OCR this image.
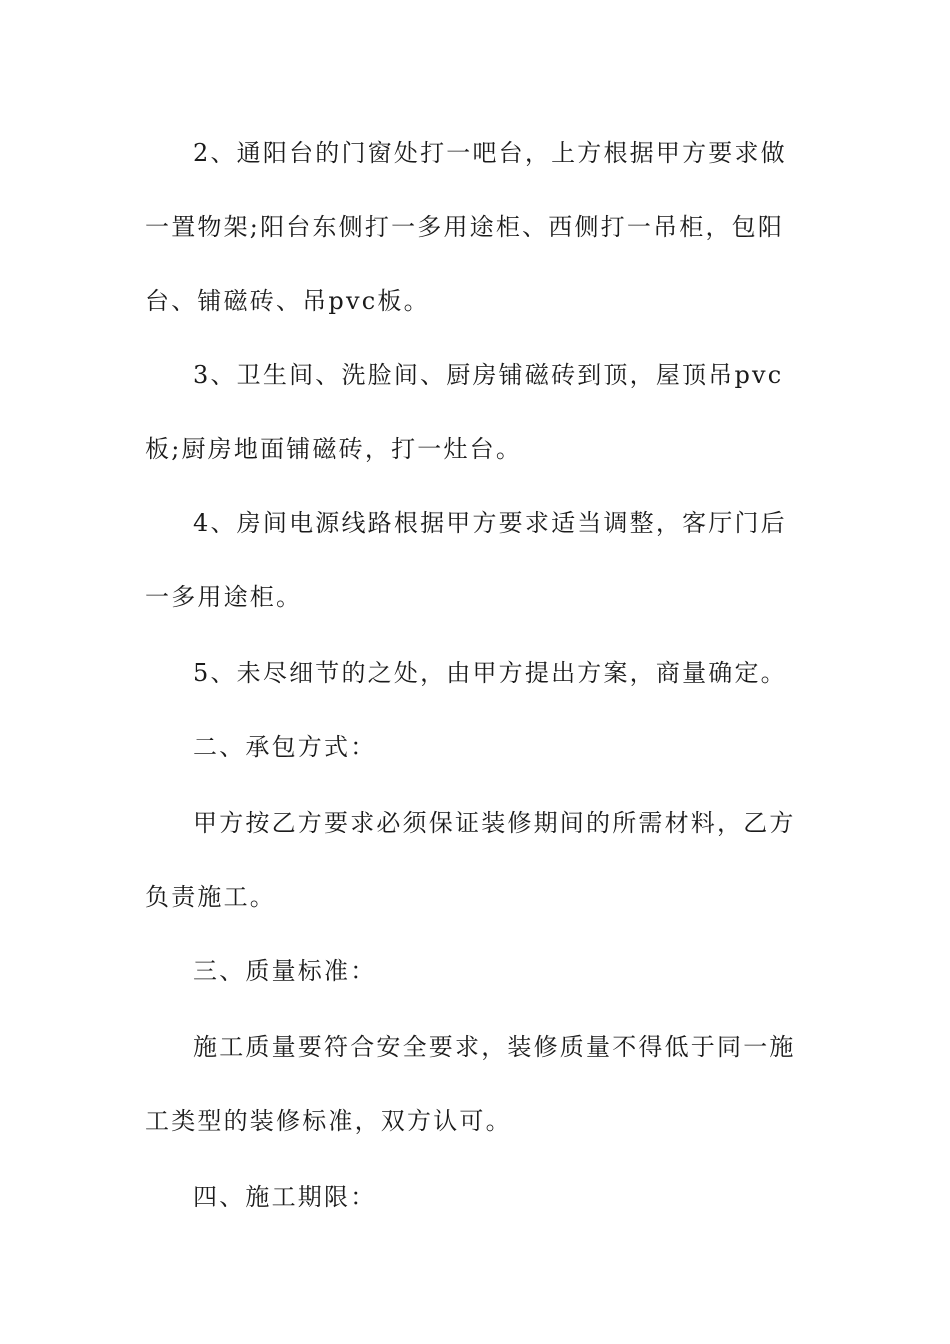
2、通阳台的门窗处打一吧台，上方根据甲方要求做一置物架;阳台东侧打一多用途柜、西侧打一吊柜，包阳台、铺磁砖、吊pvc板。

3、卫生间、洗脸间、厨房铺磁砖到顶，屋顶吊pvc板;厨房地面铺磁砖，打一灶台。

4、房间电源线路根据甲方要求适当调整，客厅门后一多用途柜。

5、未尽细节的之处，由甲方提出方案，商量确定。

二、承包方式：

甲方按乙方要求必须保证装修期间的所需材料，乙方负责施工。

三、质量标准：

施工质量要符合安全要求，装修质量不得低于同一施工类型的装修标准，双方认可。

四、施工期限：
